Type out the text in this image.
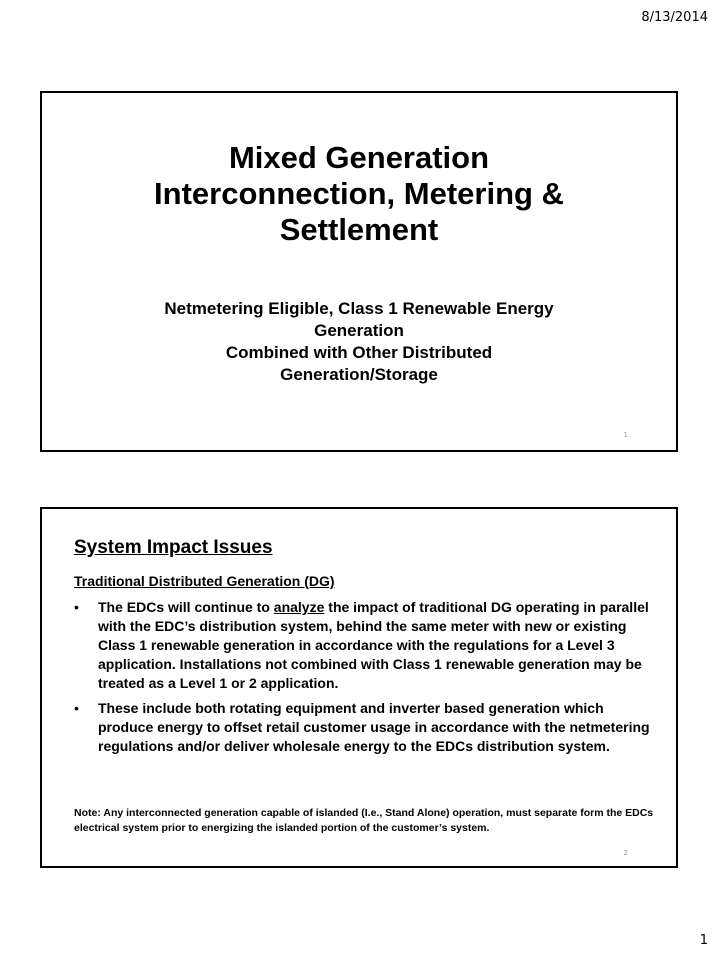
8/13/2014
Mixed Generation
Interconnection, Metering &
Settlement
Netmetering Eligible, Class 1 Renewable Energy
Generation
Combined with Other Distributed
Generation/Storage
1
System Impact Issues
Traditional Distributed Generation (DG)
• The EDCs will continue to analyze the impact of traditional DG operating in parallel with the EDC’s distribution system, behind the same meter with new or existing Class 1 renewable generation in accordance with the regulations for a Level 3 application. Installations not combined with Class 1 renewable generation may be treated as a Level 1 or 2 application.
• These include both rotating equipment and inverter based generation which produce energy to offset retail customer usage in accordance with the netmetering regulations and/or deliver wholesale energy to the EDCs distribution system.
Note: Any interconnected generation capable of islanded (I.e., Stand Alone) operation, must separate form the EDCs electrical system prior to energizing the islanded portion of the customer’s system.
2
1
